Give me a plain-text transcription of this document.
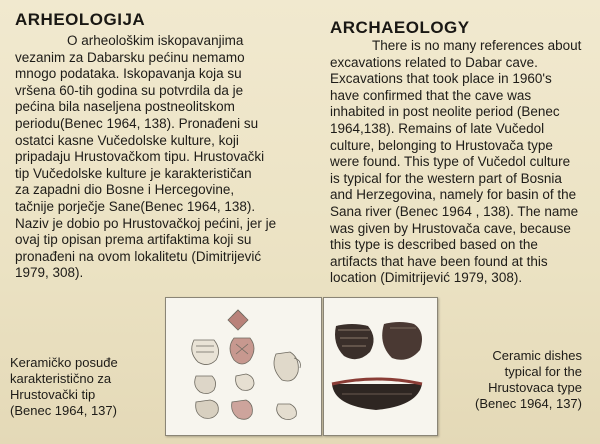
ARHEOLOGIJA

O arheološkim iskopavanjima
vezanim za Dabarsku pećinu nemamo
mnogo podataka. Iskopavanja koja su
vršena 60-tih godina su potvrdila da je
pećina bila naseljena postneolitskom
periodu(Benec 1964, 138). Pronađeni su
ostatci kasne Vučedolske kulture, koji
pripadaju Hrustovačkom tipu. Hrustovački
tip Vučedolske kulture je karakterističan
za zapadni dio Bosne i Hercegovine,
tačnije porječje Sane(Benec 1964, 138).
Naziv je dobio po Hrustovačkoj pećini, jer je
ovaj tip opisan prema artifaktima koji su
pronađeni na ovom lokalitetu (Dimitrijević
1979, 308).

ARCHAEOLOGY

There is no many references about
excavations related to Dabar cave.
Excavations that took place in 1960's
have confirmed that the cave was
inhabited in post neolite period (Benec
1964,138). Remains of late Vučedol
culture, belonging to Hrustovača type
were found. This type of Vučedol culture
is typical for the western part of Bosnia
and Herzegovina, namely for basin of the
Sana river (Benec 1964 , 138). The name
was given by Hrustovača cave, because
this type is described based on the
artifacts that have been found at this
location (Dimitrijević 1979, 308).

Keramičko posuđe
karakteristično za
Hrustovački tip
(Benec 1964, 137)
Ceramic dishes
typical for the
Hrustovaca type
(Benec 1964, 137)
